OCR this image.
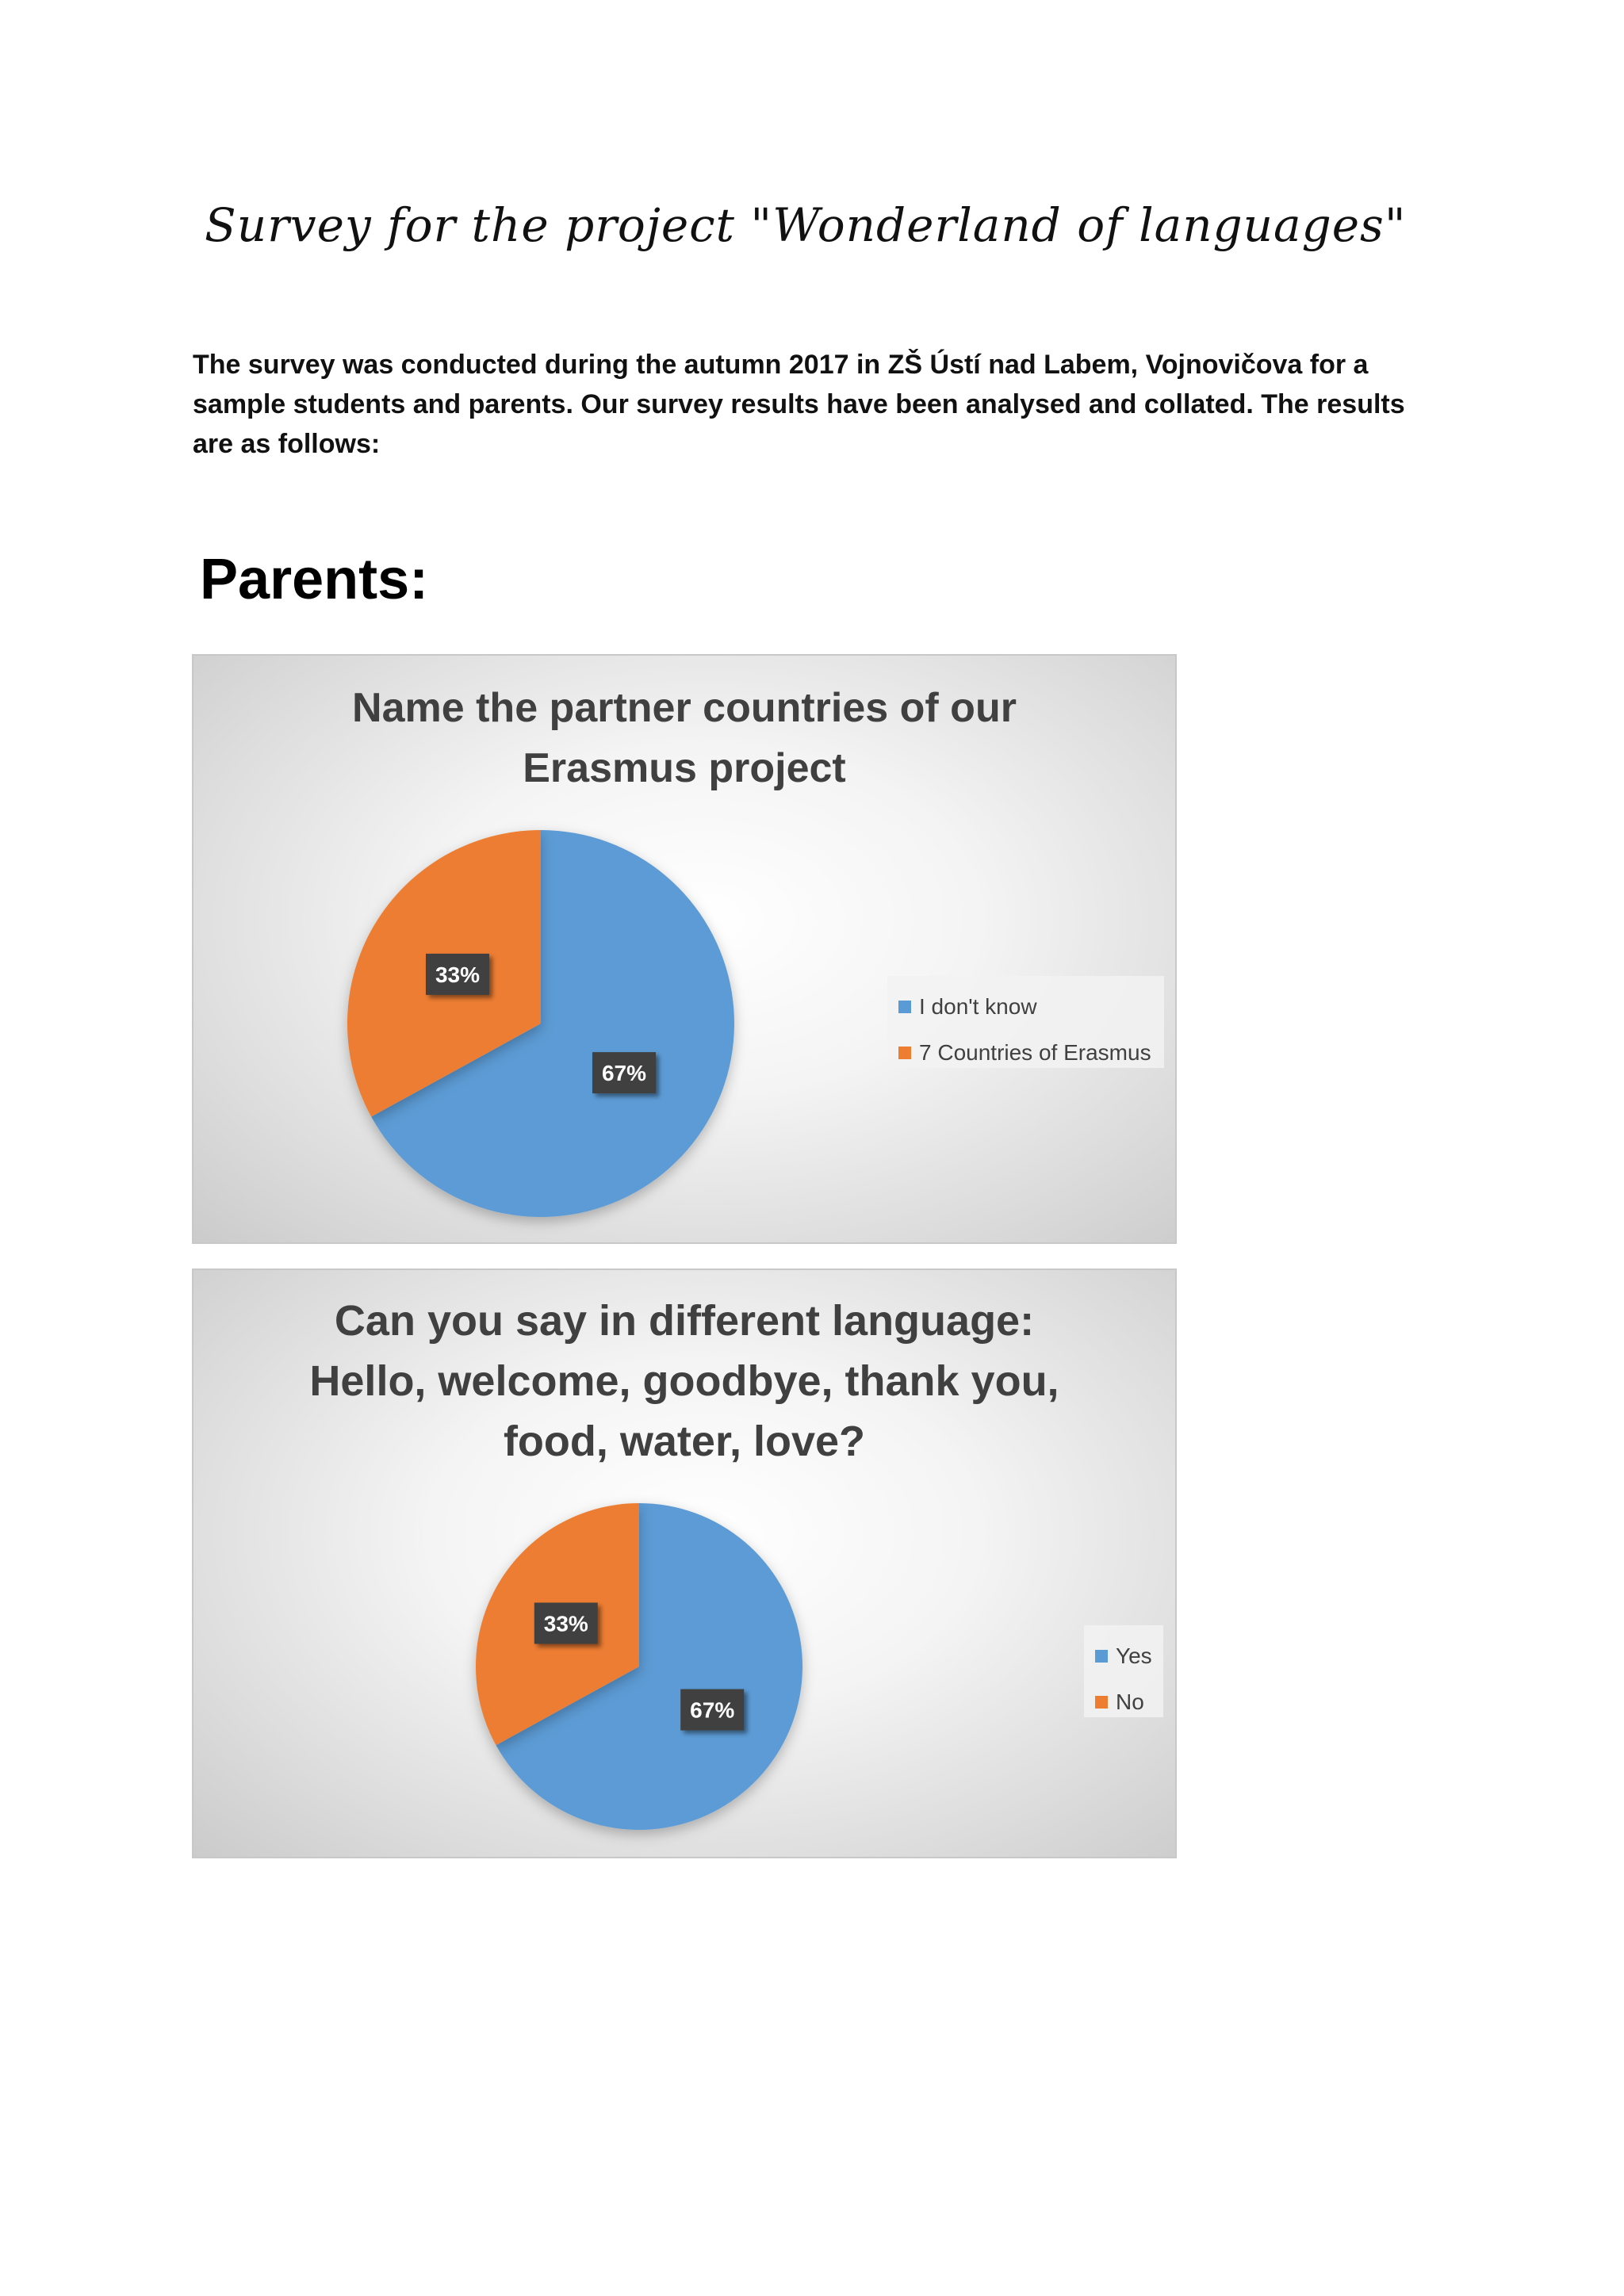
Survey for the project "Wonderland of languages"
The survey was conducted during the autumn 2017 in ZŠ Ústí nad Labem, Vojnovičova for a sample students and parents. Our survey results have been analysed and collated. The results are as follows:
Parents:
Name the partner countries of our
Erasmus project
67%
33%
I don't know
7 Countries of Erasmus
Can you say in different language:
Hello, welcome, goodbye, thank you,
food, water, love?
67%
33%
Yes
No
